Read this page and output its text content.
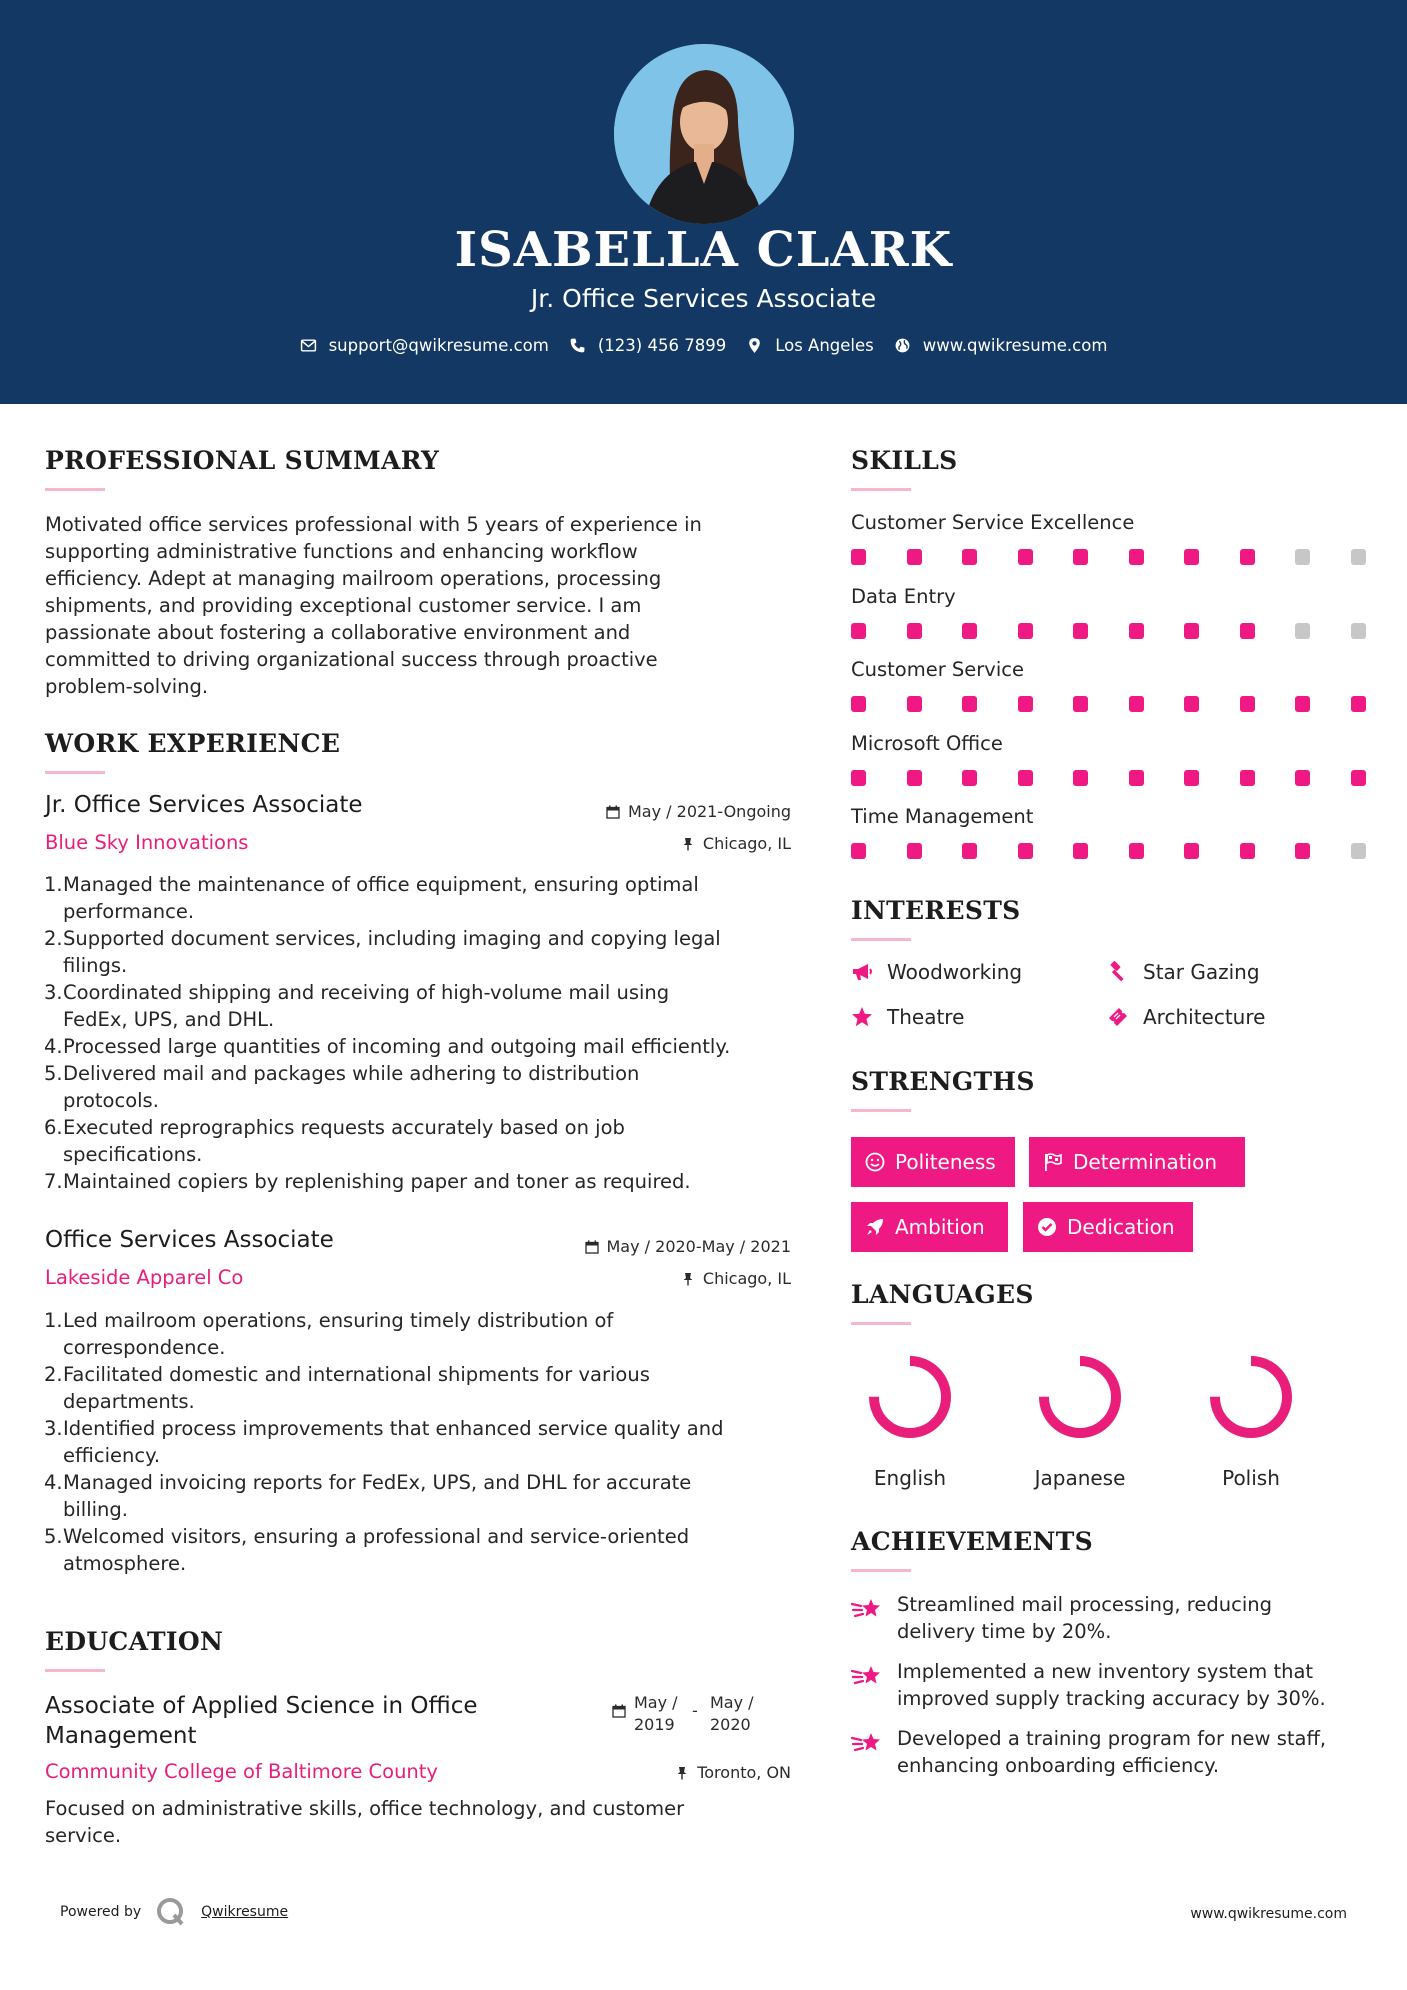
ISABELLA CLARK
Jr. Office Services Associate
support@qwikresume.com	(123) 456 7899	Los Angeles	www.qwikresume.com
PROFESSIONAL SUMMARY
Motivated office services professional with 5 years of experience in
supporting administrative functions and enhancing workflow
efficiency. Adept at managing mailroom operations, processing
shipments, and providing exceptional customer service. I am
passionate about fostering a collaborative environment and
committed to driving organizational success through proactive
problem-solving.
WORK EXPERIENCE
Jr. Office Services Associate	May / 2021-Ongoing
Blue Sky Innovations	Chicago, IL
1. Managed the maintenance of office equipment, ensuring optimal
performance.
2. Supported document services, including imaging and copying legal
filings.
3. Coordinated shipping and receiving of high-volume mail using
FedEx, UPS, and DHL.
4. Processed large quantities of incoming and outgoing mail efficiently.
5. Delivered mail and packages while adhering to distribution
protocols.
6. Executed reprographics requests accurately based on job
specifications.
7. Maintained copiers by replenishing paper and toner as required.
Office Services Associate	May / 2020-May / 2021
Lakeside Apparel Co	Chicago, IL
1. Led mailroom operations, ensuring timely distribution of
correspondence.
2. Facilitated domestic and international shipments for various
departments.
3. Identified process improvements that enhanced service quality and
efficiency.
4. Managed invoicing reports for FedEx, UPS, and DHL for accurate
billing.
5. Welcomed visitors, ensuring a professional and service-oriented
atmosphere.
EDUCATION
Associate of Applied Science in Office
Management
May /
2019
- May /
2020
Community College of Baltimore County	Toronto, ON
Focused on administrative skills, office technology, and customer
service.
SKILLS
Customer Service Excellence
Data Entry
Customer Service
Microsoft Office
Time Management
INTERESTS
Woodworking	Star Gazing
Theatre	Architecture
STRENGTHS
Politeness	Determination
Ambition	Dedication
LANGUAGES
English	Japanese	Polish
ACHIEVEMENTS
Streamlined mail processing, reducing
delivery time by 20%.
Implemented a new inventory system that
improved supply tracking accuracy by 30%.
Developed a training program for new staff,
enhancing onboarding efficiency.
Powered by	Qwikresume	www.qwikresume.com
